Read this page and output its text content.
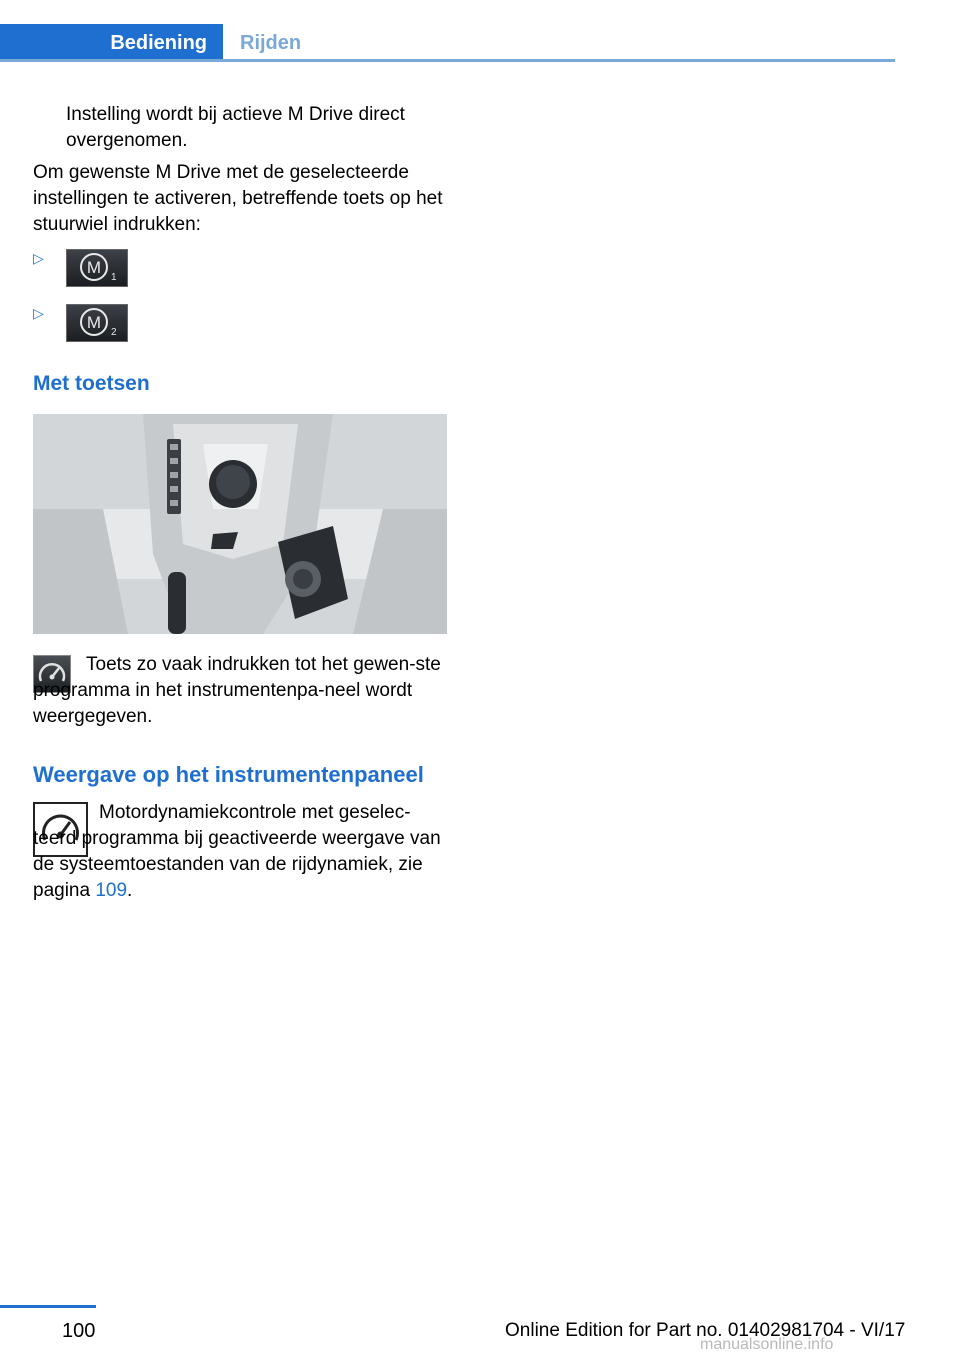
Bediening	Rijden

Instelling wordt bij actieve M Drive direct overgenomen.

Om gewenste M Drive met de geselecteerde instellingen te activeren, betreffende toets op het stuurwiel indrukken:

▷	M
1
▷	M
2
Met toetsen

Toets zo vaak indrukken tot het gewen-ste programma in het instrumentenpa-neel wordt weergegeven.

Weergave op het instrumentenpaneel

Motordynamiekcontrole met geselec-teerd programma bij geactiveerde weergave van de systeemtoestanden van de rijdynamiek, zie pagina 109.

100	Online Edition for Part no. 01402981704 - VI/17
manualsonline.info
